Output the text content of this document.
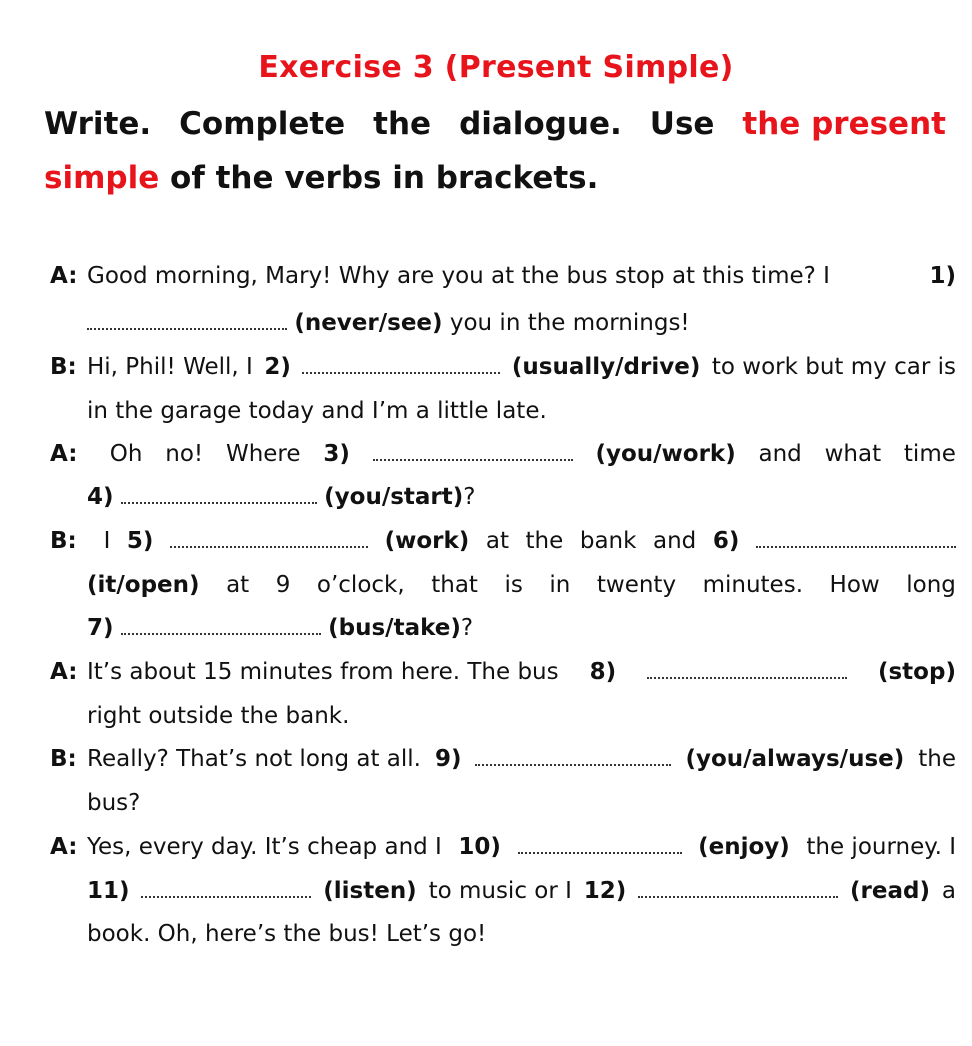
Exercise 3 (Present Simple)
Write. Complete the dialogue. Use the present
simple of the verbs in brackets.
A: Good morning, Mary! Why are you at the bus stop at this time? I	1)
(never/see) you in the mornings!
B: Hi, Phil! Well, I 2)	(usually/drive) to work but my car is
in the garage today and I’m a little late.
A:	Oh no! Where 3)	(you/work) and what time
4)	(you/start)?
B:	I 5)	(work) at the bank and 6)
(it/open) at 9 o’clock, that is in twenty minutes. How long
7)	(bus/take)?
A: It’s about 15 minutes from here. The bus 8)	(stop)
right outside the bank.
B: Really? That’s not long at all. 9)	(you/always/use) the
bus?
A: Yes, every day. It’s cheap and I 10)	(enjoy) the journey. I
11)	(listen) to music or I 12)	(read) a
book. Oh, here’s the bus! Let’s go!
